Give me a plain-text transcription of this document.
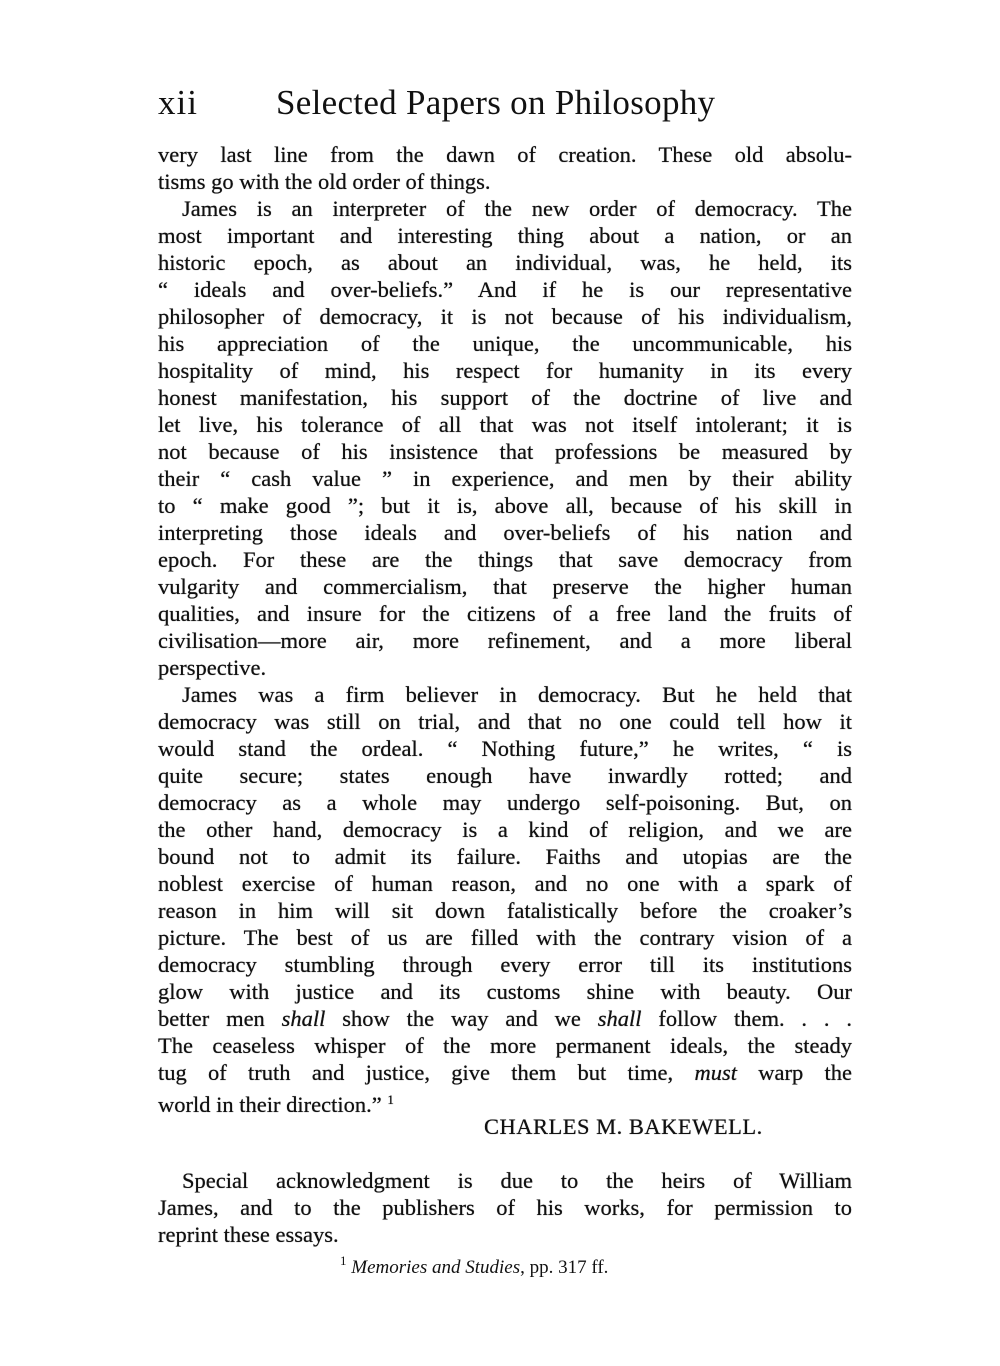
xii Selected Papers on Philosophy
very last line from the dawn of creation. These old absolu-
tisms go with the old order of things.
James is an interpreter of the new order of democracy. The
most important and interesting thing about a nation, or an
historic epoch, as about an individual, was, he held, its
“ ideals and over-beliefs.” And if he is our representative
philosopher of democracy, it is not because of his individualism,
his appreciation of the unique, the uncommunicable, his
hospitality of mind, his respect for humanity in its every
honest manifestation, his support of the doctrine of live and
let live, his tolerance of all that was not itself intolerant; it is
not because of his insistence that professions be measured by
their “ cash value ” in experience, and men by their ability
to “ make good ”; but it is, above all, because of his skill in
interpreting those ideals and over-beliefs of his nation and
epoch. For these are the things that save democracy from
vulgarity and commercialism, that preserve the higher human
qualities, and insure for the citizens of a free land the fruits of
civilisation—more air, more refinement, and a more liberal
perspective.
James was a firm believer in democracy. But he held that
democracy was still on trial, and that no one could tell how it
would stand the ordeal. “ Nothing future,” he writes, “ is
quite secure; states enough have inwardly rotted; and
democracy as a whole may undergo self-poisoning. But, on
the other hand, democracy is a kind of religion, and we are
bound not to admit its failure. Faiths and utopias are the
noblest exercise of human reason, and no one with a spark of
reason in him will sit down fatalistically before the croaker’s
picture. The best of us are filled with the contrary vision of a
democracy stumbling through every error till its institutions
glow with justice and its customs shine with beauty. Our
better men shall show the way and we shall follow them. . . .
The ceaseless whisper of the more permanent ideals, the steady
tug of truth and justice, give them but time, must warp the
world in their direction.” $^1$
CHARLES M. BAKEWELL.
Special acknowledgment is due to the heirs of William
James, and to the publishers of his works, for permission to
reprint these essays.
$^1$ Memories and Studies, pp. 317 ff.
